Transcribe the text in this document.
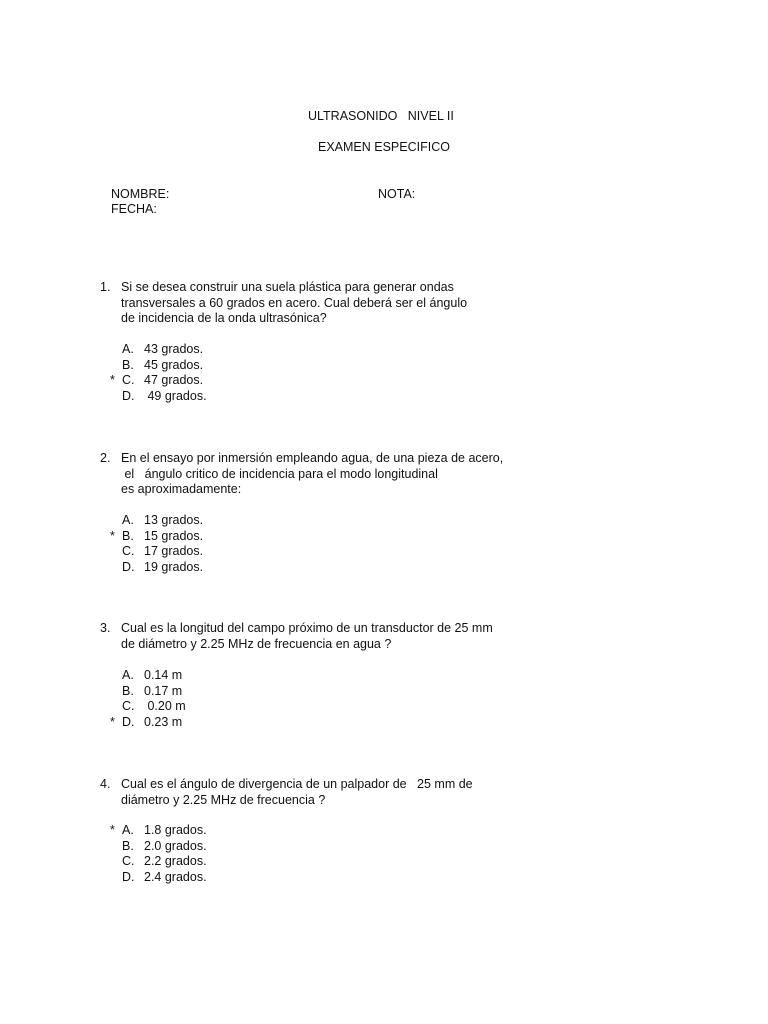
ULTRASONIDO   NIVEL II
EXAMEN ESPECIFICO
NOMBRE:	NOTA:
FECHA:
1. Si se desea construir una suela plástica para generar ondas
transversales a 60 grados en acero. Cual deberá ser el ángulo
de incidencia de la onda ultrasónica?
A. 43 grados.
B. 45 grados.
* C. 47 grados.
D. 49 grados.
2. En el ensayo por inmersión empleando agua, de una pieza de acero,
el   ángulo critico de incidencia para el modo longitudinal
es aproximadamente:
A. 13 grados.
* B. 15 grados.
C. 17 grados.
D. 19 grados.
3. Cual es la longitud del campo próximo de un transductor de 25 mm
de diámetro y 2.25 MHz de frecuencia en agua ?
A. 0.14 m
B. 0.17 m
C. 0.20 m
* D. 0.23 m
4. Cual es el ángulo de divergencia de un palpador de   25 mm de
diámetro y 2.25 MHz de frecuencia ?
* A. 1.8 grados.
B. 2.0 grados.
C. 2.2 grados.
D. 2.4 grados.
